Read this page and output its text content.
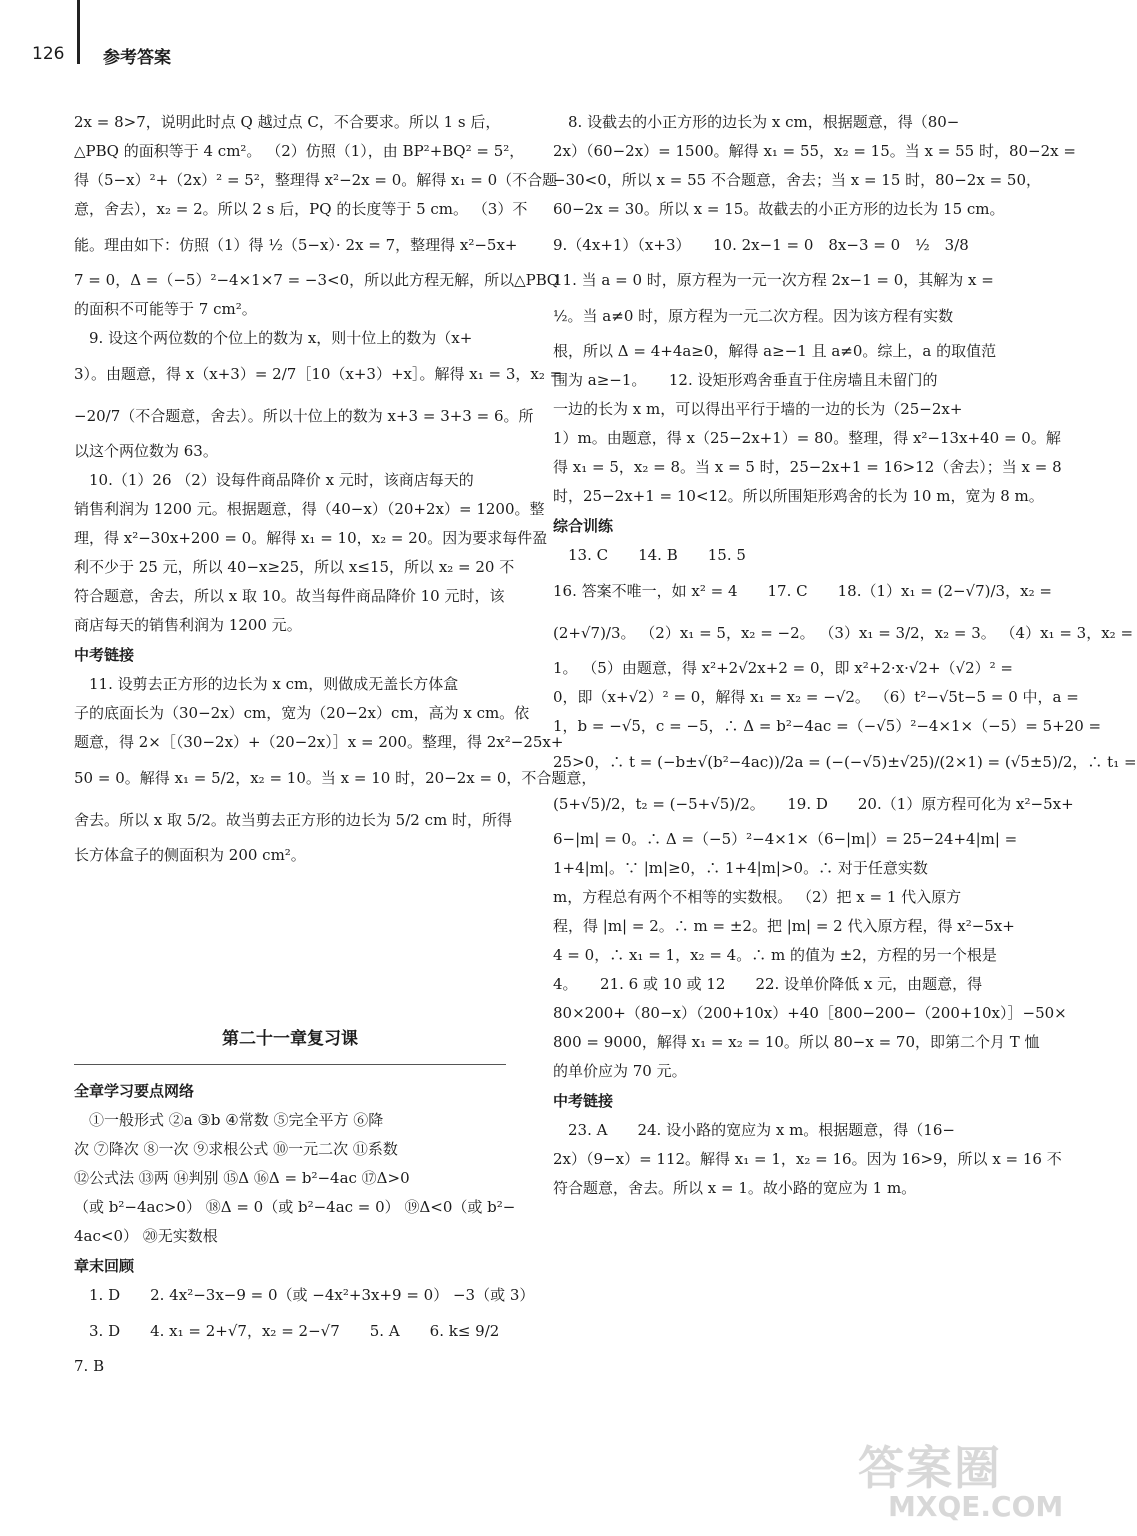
126 参考答案
2x = 8>7，说明此时点 Q 越过点 C，不合要求。所以 1 s 后，
△PBQ 的面积等于 4 cm²。 （2）仿照（1），由 BP²+BQ² = 5²，
得（5−x）²+（2x）² = 5²，整理得 x²−2x = 0。解得 x₁ = 0（不合题
意，舍去），x₂ = 2。所以 2 s 后，PQ 的长度等于 5 cm。 （3）不
能。理由如下：仿照（1）得 ½（5−x）· 2x = 7，整理得 x²−5x+
7 = 0，Δ =（−5）²−4×1×7 = −3<0，所以此方程无解，所以△PBQ
的面积不可能等于 7 cm²。
　9. 设这个两位数的个位上的数为 x，则十位上的数为（x+
3）。由题意，得 x（x+3）= 2/7［10（x+3）+x］。解得 x₁ = 3，x₂ =
−20/7（不合题意，舍去）。所以十位上的数为 x+3 = 3+3 = 6。所
以这个两位数为 63。
　10.（1）26 （2）设每件商品降价 x 元时，该商店每天的
销售利润为 1200 元。根据题意，得（40−x）（20+2x）= 1200。整
理，得 x²−30x+200 = 0。解得 x₁ = 10，x₂ = 20。因为要求每件盈
利不少于 25 元，所以 40−x≥25，所以 x≤15，所以 x₂ = 20 不
符合题意，舍去，所以 x 取 10。故当每件商品降价 10 元时，该
商店每天的销售利润为 1200 元。
中考链接
　11. 设剪去正方形的边长为 x cm，则做成无盖长方体盒
子的底面长为（30−2x）cm，宽为（20−2x）cm，高为 x cm。依
题意，得 2×［（30−2x）+（20−2x）］x = 200。整理，得 2x²−25x+
50 = 0。解得 x₁ = 5/2，x₂ = 10。当 x = 10 时，20−2x = 0，不合题意，
舍去。所以 x 取 5/2。故当剪去正方形的边长为 5/2 cm 时，所得
长方体盒子的侧面积为 200 cm²。
第二十一章复习课
全章学习要点网络
　①一般形式 ②a ③b ④常数 ⑤完全平方 ⑥降
次 ⑦降次 ⑧一次 ⑨求根公式 ⑩一元二次 ⑪系数
⑫公式法 ⑬两 ⑭判别 ⑮Δ ⑯Δ = b²−4ac ⑰Δ>0
（或 b²−4ac>0） ⑱Δ = 0（或 b²−4ac = 0） ⑲Δ<0（或 b²−
4ac<0） ⑳无实数根
章末回顾
　1. D　　2. 4x²−3x−9 = 0（或 −4x²+3x+9 = 0） −3（或 3）
　3. D　　4. x₁ = 2+√7，x₂ = 2−√7　　5. A　　6. k≤ 9/2
7. B
　8. 设截去的小正方形的边长为 x cm，根据题意，得（80−
2x）（60−2x）= 1500。解得 x₁ = 55，x₂ = 15。当 x = 55 时，80−2x =
−30<0，所以 x = 55 不合题意，舍去；当 x = 15 时，80−2x = 50，
60−2x = 30。所以 x = 15。故截去的小正方形的边长为 15 cm。
9.（4x+1）（x+3）　　10. 2x−1 = 0　8x−3 = 0　½　3/8
11. 当 a = 0 时，原方程为一元一次方程 2x−1 = 0，其解为 x =
½。当 a≠0 时，原方程为一元二次方程。因为该方程有实数
根，所以 Δ = 4+4a≥0，解得 a≥−1 且 a≠0。综上，a 的取值范
围为 a≥−1。　　12. 设矩形鸡舍垂直于住房墙且未留门的
一边的长为 x m，可以得出平行于墙的一边的长为（25−2x+
1）m。由题意，得 x（25−2x+1）= 80。整理，得 x²−13x+40 = 0。解
得 x₁ = 5，x₂ = 8。当 x = 5 时，25−2x+1 = 16>12（舍去）；当 x = 8
时，25−2x+1 = 10<12。所以所围矩形鸡舍的长为 10 m，宽为 8 m。
综合训练
　13. C　　14. B　　15. 5
16. 答案不唯一，如 x² = 4　　17. C　　18.（1）x₁ = (2−√7)/3，x₂ =
(2+√7)/3。 （2）x₁ = 5，x₂ = −2。 （3）x₁ = 3/2，x₂ = 3。 （4）x₁ = 3，x₂ =
1。 （5）由题意，得 x²+2√2x+2 = 0，即 x²+2·x·√2+（√2）² =
0，即（x+√2）² = 0，解得 x₁ = x₂ = −√2。 （6）t²−√5t−5 = 0 中，a =
1，b = −√5，c = −5，∴ Δ = b²−4ac =（−√5）²−4×1×（−5）= 5+20 =
25>0，∴ t = (−b±√(b²−4ac))/2a = (−(−√5)±√25)/(2×1) = (√5±5)/2，∴ t₁ =
(5+√5)/2，t₂ = (−5+√5)/2。　　19. D　　20.（1）原方程可化为 x²−5x+
6−|m| = 0。∴ Δ =（−5）²−4×1×（6−|m|）= 25−24+4|m| =
1+4|m|。∵ |m|≥0，∴ 1+4|m|>0。∴ 对于任意实数
m，方程总有两个不相等的实数根。 （2）把 x = 1 代入原方
程，得 |m| = 2。∴ m = ±2。把 |m| = 2 代入原方程，得 x²−5x+
4 = 0，∴ x₁ = 1，x₂ = 4。∴ m 的值为 ±2，方程的另一个根是
4。　　21. 6 或 10 或 12　　22. 设单价降低 x 元，由题意，得
80×200+（80−x）（200+10x）+40［800−200−（200+10x）］−50×
800 = 9000，解得 x₁ = x₂ = 10。所以 80−x = 70，即第二个月 T 恤
的单价应为 70 元。
中考链接
　23. A　　24. 设小路的宽应为 x m。根据题意，得（16−
2x）（9−x）= 112。解得 x₁ = 1，x₂ = 16。因为 16>9，所以 x = 16 不
符合题意，舍去。所以 x = 1。故小路的宽应为 1 m。
答案圈
MXQE.COM
